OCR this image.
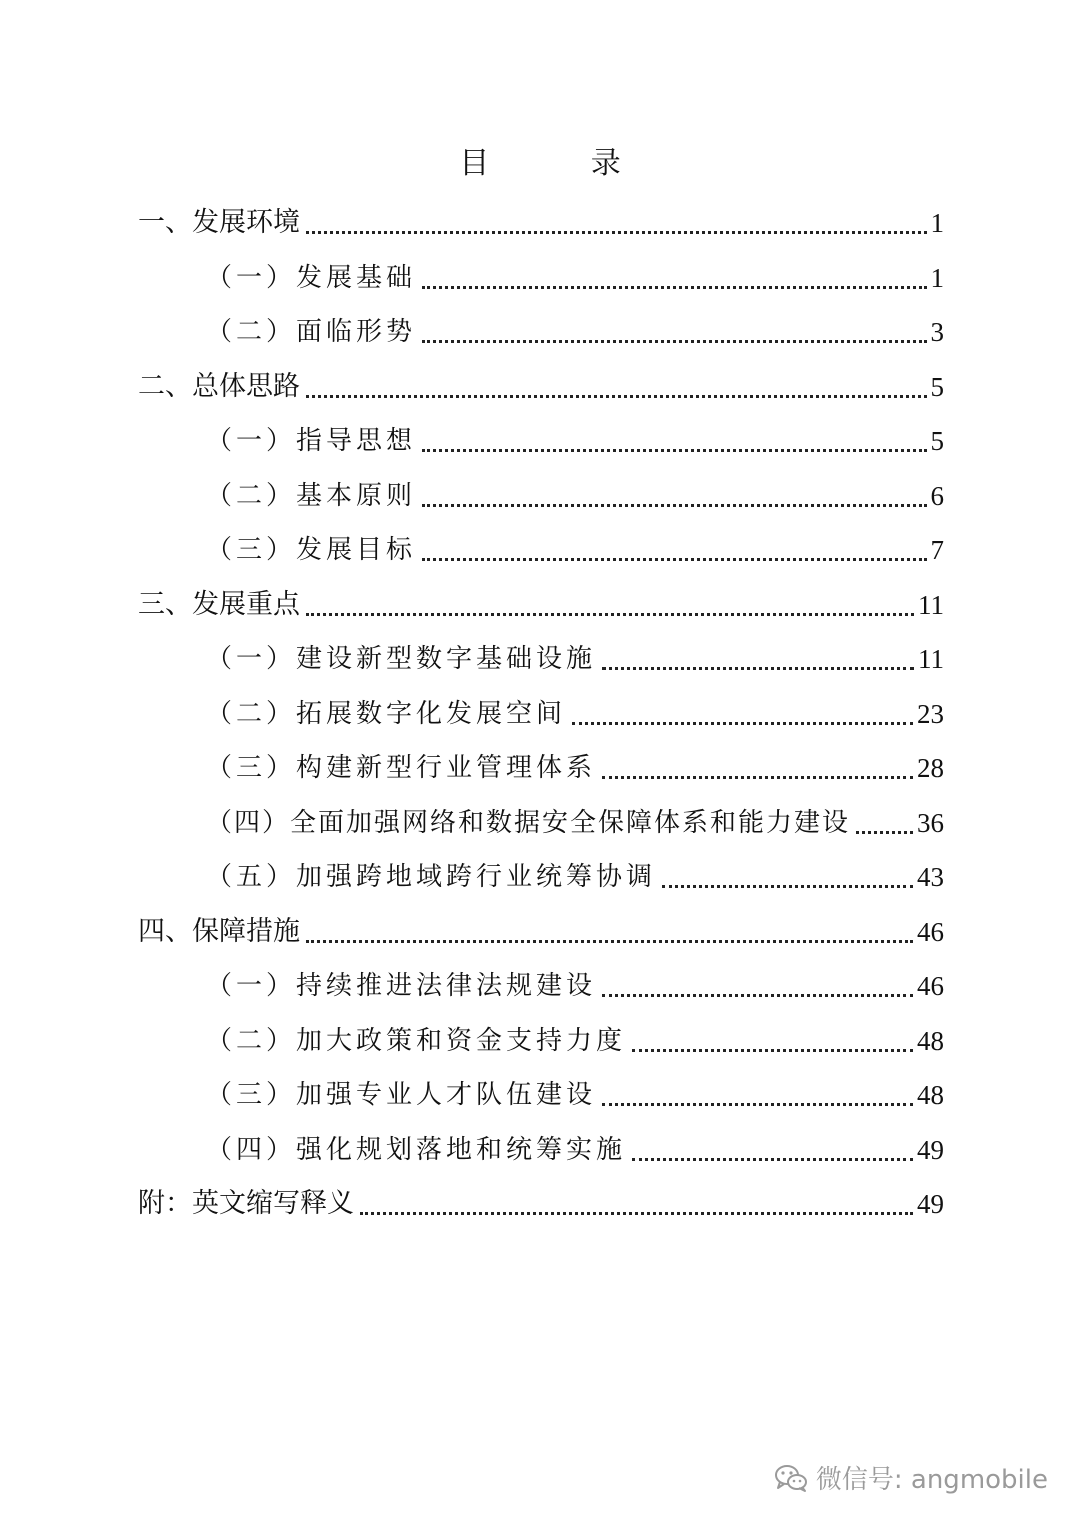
目 录
一、发展环境	1
（一）发展基础	1
（二）面临形势	3
二、总体思路	5
（一）指导思想	5
（二）基本原则	6
（三）发展目标	7
三、发展重点	11
（一）建设新型数字基础设施	11
（二）拓展数字化发展空间	23
（三）构建新型行业管理体系	28
（四）全面加强网络和数据安全保障体系和能力建设 36
（五）加强跨地域跨行业统筹协调	43
四、保障措施	46
（一）持续推进法律法规建设	46
（二）加大政策和资金支持力度	48
（三）加强专业人才队伍建设	48
（四）强化规划落地和统筹实施	49
附：英文缩写释义	49
微信号: angmobile
